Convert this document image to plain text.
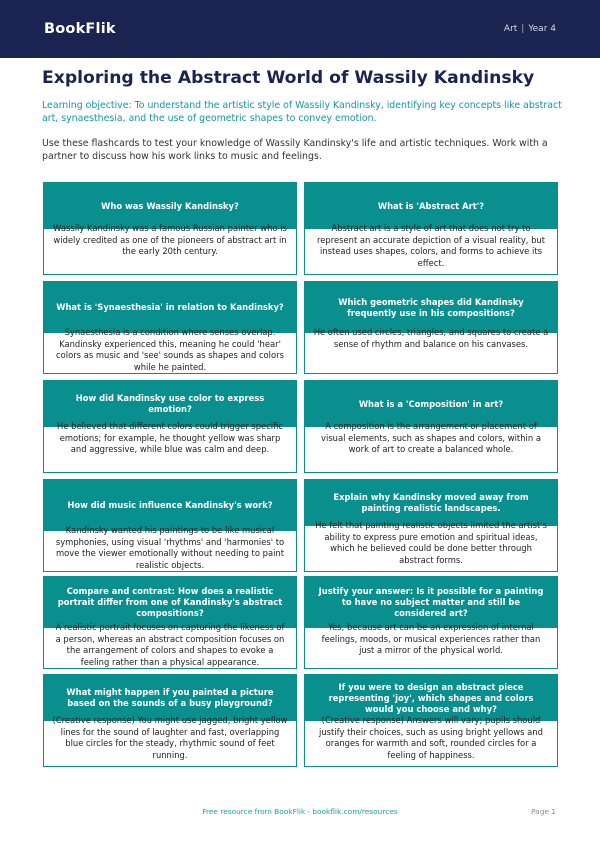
BookFlik	Art | Year 4
Exploring the Abstract World of Wassily Kandinsky

Learning objective: To understand the artistic style of Wassily Kandinsky, identifying key concepts like abstract art, synaesthesia, and the use of geometric shapes to convey emotion.

Use these flashcards to test your knowledge of Wassily Kandinsky's life and artistic techniques. Work with a partner to discuss how his work links to music and feelings.

Who was Wassily Kandinsky?
Wassily Kandinsky was a famous Russian painter who is widely credited as one of the pioneers of abstract art in the early 20th century.
What is 'Abstract Art'?
Abstract art is a style of art that does not try to represent an accurate depiction of a visual reality, but instead uses shapes, colors, and forms to achieve its effect.
What is 'Synaesthesia' in relation to Kandinsky?
Synaesthesia is a condition where senses overlap. Kandinsky experienced this, meaning he could 'hear' colors as music and 'see' sounds as shapes and colors while he painted.
Which geometric shapes did Kandinsky frequently use in his compositions?
He often used circles, triangles, and squares to create a sense of rhythm and balance on his canvases.
How did Kandinsky use color to express emotion?
He believed that different colors could trigger specific emotions; for example, he thought yellow was sharp and aggressive, while blue was calm and deep.
What is a 'Composition' in art?
A composition is the arrangement or placement of visual elements, such as shapes and colors, within a work of art to create a balanced whole.
How did music influence Kandinsky's work?
Kandinsky wanted his paintings to be like musical symphonies, using visual 'rhythms' and 'harmonies' to move the viewer emotionally without needing to paint realistic objects.
Explain why Kandinsky moved away from painting realistic landscapes.
He felt that painting realistic objects limited the artist's ability to express pure emotion and spiritual ideas, which he believed could be done better through abstract forms.
Compare and contrast: How does a realistic portrait differ from one of Kandinsky's abstract compositions?
A realistic portrait focuses on capturing the likeness of a person, whereas an abstract composition focuses on the arrangement of colors and shapes to evoke a feeling rather than a physical appearance.
Justify your answer: Is it possible for a painting to have no subject matter and still be considered art?
Yes, because art can be an expression of internal feelings, moods, or musical experiences rather than just a mirror of the physical world.
What might happen if you painted a picture based on the sounds of a busy playground?
(Creative response) You might use jagged, bright yellow lines for the sound of laughter and fast, overlapping blue circles for the steady, rhythmic sound of feet running.
If you were to design an abstract piece representing 'joy', which shapes and colors would you choose and why?
(Creative response) Answers will vary; pupils should justify their choices, such as using bright yellows and oranges for warmth and soft, rounded circles for a feeling of happiness.
Free resource from BookFlik · bookflik.com/resources	Page 1
